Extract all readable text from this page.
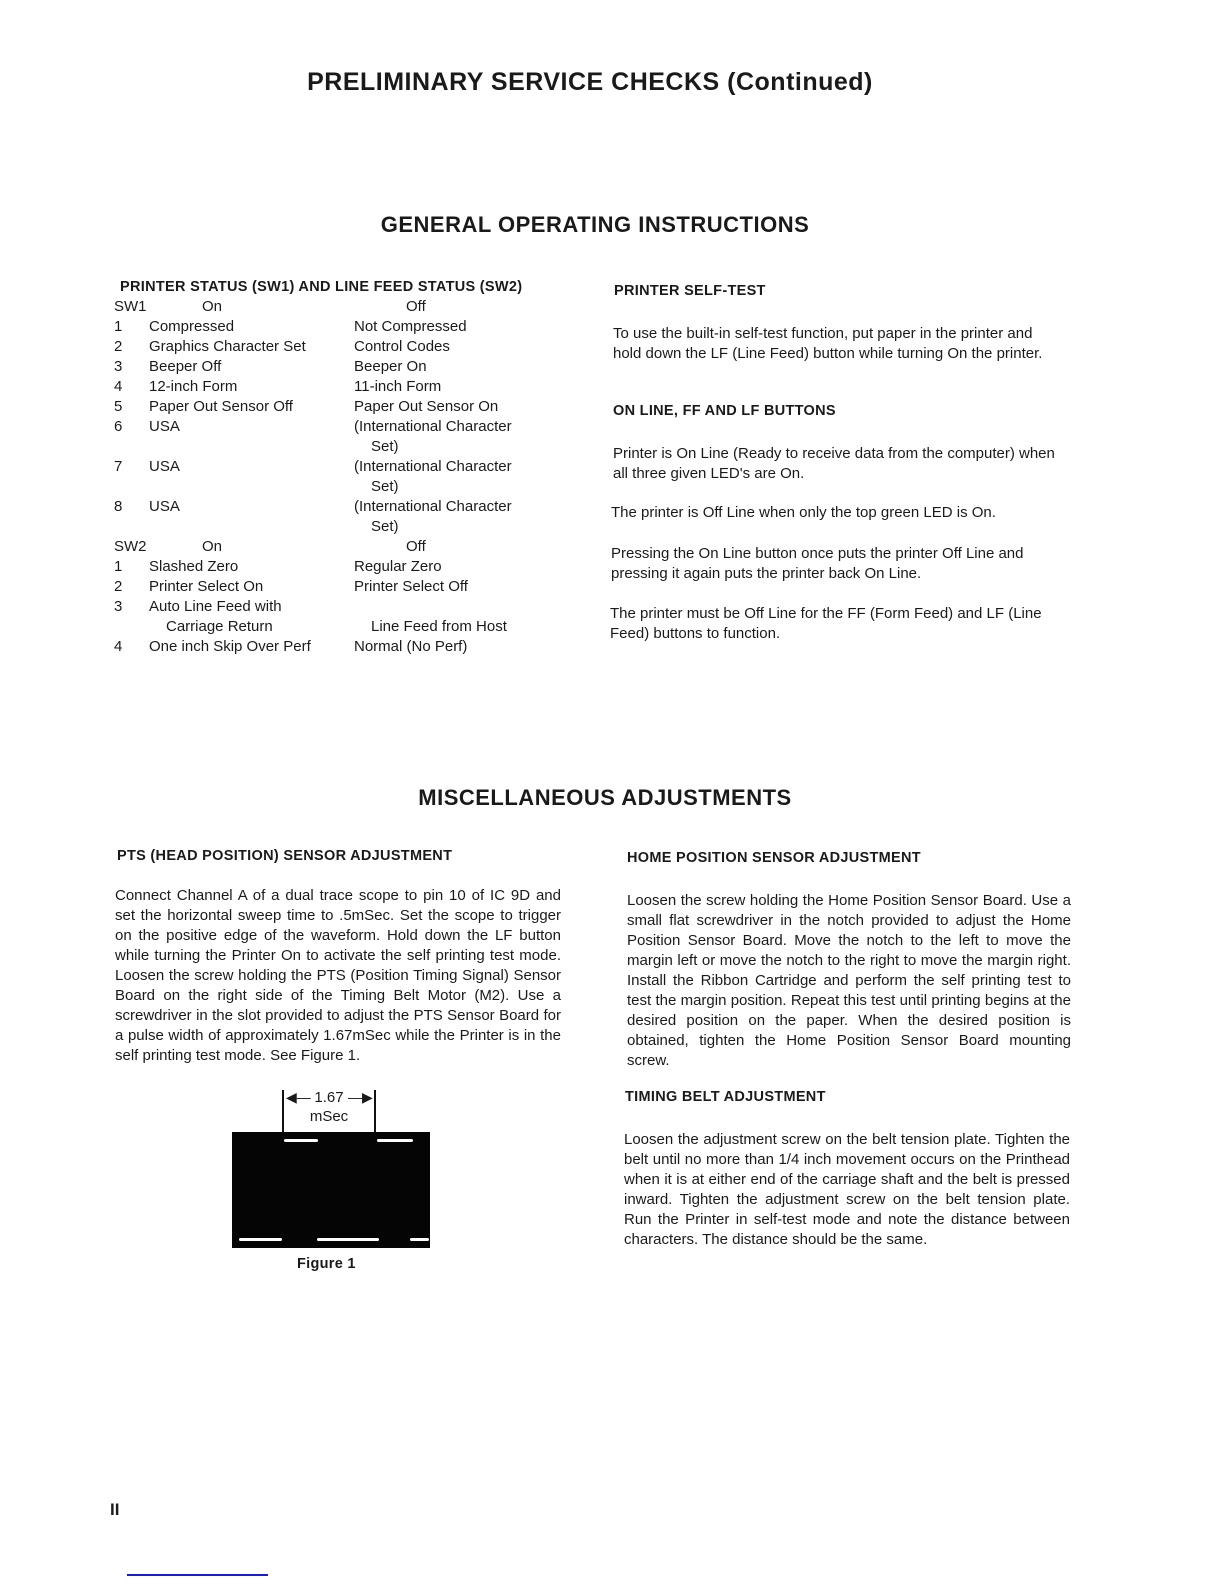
PRELIMINARY SERVICE CHECKS (Continued)
GENERAL OPERATING INSTRUCTIONS
PRINTER STATUS (SW1) AND LINE FEED STATUS (SW2)
SW1	On	Off
1	Compressed	Not Compressed
2	Graphics Character Set	Control Codes
3	Beeper Off	Beeper On
4	12-inch Form	11-inch Form
5	Paper Out Sensor Off	Paper Out Sensor On
6	USA	(International Character
Set)
7	USA	(International Character
Set)
8	USA	(International Character
Set)
SW2	On	Off
1	Slashed Zero	Regular Zero
2	Printer Select On	Printer Select Off
3	Auto Line Feed with
Carriage Return	Line Feed from Host
4	One inch Skip Over Perf	Normal (No Perf)
PRINTER SELF-TEST

To use the built-in self-test function, put paper in the printer and hold down the LF (Line Feed) button while turning On the printer.

ON LINE, FF AND LF BUTTONS

Printer is On Line (Ready to receive data from the computer) when all three given LED's are On.

The printer is Off Line when only the top green LED is On.

Pressing the On Line button once puts the printer Off Line and pressing it again puts the printer back On Line.

The printer must be Off Line for the FF (Form Feed) and LF (Line Feed) buttons to function.

MISCELLANEOUS ADJUSTMENTS
PTS (HEAD POSITION) SENSOR ADJUSTMENT

Connect Channel A of a dual trace scope to pin 10 of IC 9D and set the horizontal sweep time to .5mSec. Set the scope to trigger on the positive edge of the waveform. Hold down the LF button while turning the Printer On to activate the self printing test mode. Loosen the screw holding the PTS (Position Timing Signal) Sensor Board on the right side of the Timing Belt Motor (M2). Use a screwdriver in the slot provided to adjust the PTS Sensor Board for a pulse width of approximately 1.67mSec while the Printer is in the self printing test mode. See Figure 1.

◀—	—▶
1.67
mSec
Figure 1
HOME POSITION SENSOR ADJUSTMENT

Loosen the screw holding the Home Position Sensor Board. Use a small flat screwdriver in the notch provided to adjust the Home Position Sensor Board. Move the notch to the left to move the margin left or move the notch to the right to move the margin right. Install the Ribbon Cartridge and perform the self printing test to test the margin position. Repeat this test until printing begins at the desired position on the paper. When the desired position is obtained, tighten the Home Position Sensor Board mounting screw.

TIMING BELT ADJUSTMENT

Loosen the adjustment screw on the belt tension plate. Tighten the belt until no more than 1/4 inch movement occurs on the Printhead when it is at either end of the carriage shaft and the belt is pressed inward. Tighten the adjustment screw on the belt tension plate. Run the Printer in self-test mode and note the distance between characters. The distance should be the same.

II
